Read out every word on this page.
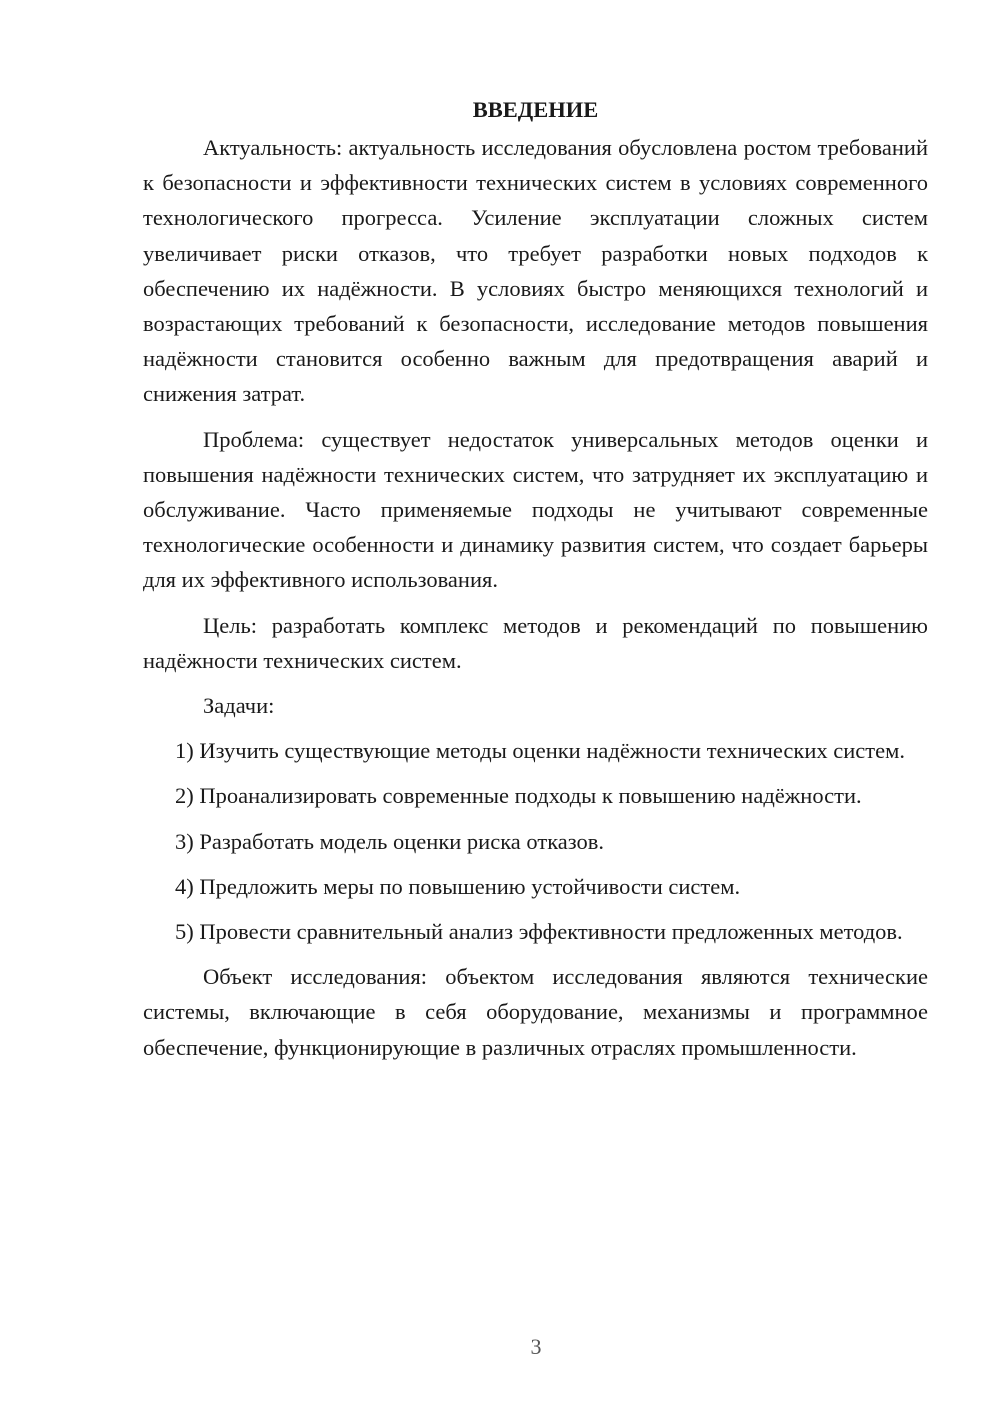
ВВЕДЕНИЕ

Актуальность: актуальность исследования обусловлена ростом требований к безопасности и эффективности технических систем в условиях современного технологического прогресса. Усиление эксплуатации сложных систем увеличивает риски отказов, что требует разработки новых подходов к обеспечению их надёжности. В условиях быстро меняющихся технологий и возрастающих требований к безопасности, исследование методов повышения надёжности становится особенно важным для предотвращения аварий и снижения затрат.

Проблема: существует недостаток универсальных методов оценки и повышения надёжности технических систем, что затрудняет их эксплуатацию и обслуживание. Часто применяемые подходы не учитывают современные технологические особенности и динамику развития систем, что создает барьеры для их эффективного использования.

Цель: разработать комплекс методов и рекомендаций по повышению надёжности технических систем.

Задачи:

1) Изучить существующие методы оценки надёжности технических систем.

2) Проанализировать современные подходы к повышению надёжности.

3) Разработать модель оценки риска отказов.

4) Предложить меры по повышению устойчивости систем.

5) Провести сравнительный анализ эффективности предложенных методов.

Объект исследования: объектом исследования являются технические системы, включающие в себя оборудование, механизмы и программное обеспечение, функционирующие в различных отраслях промышленности.

3
